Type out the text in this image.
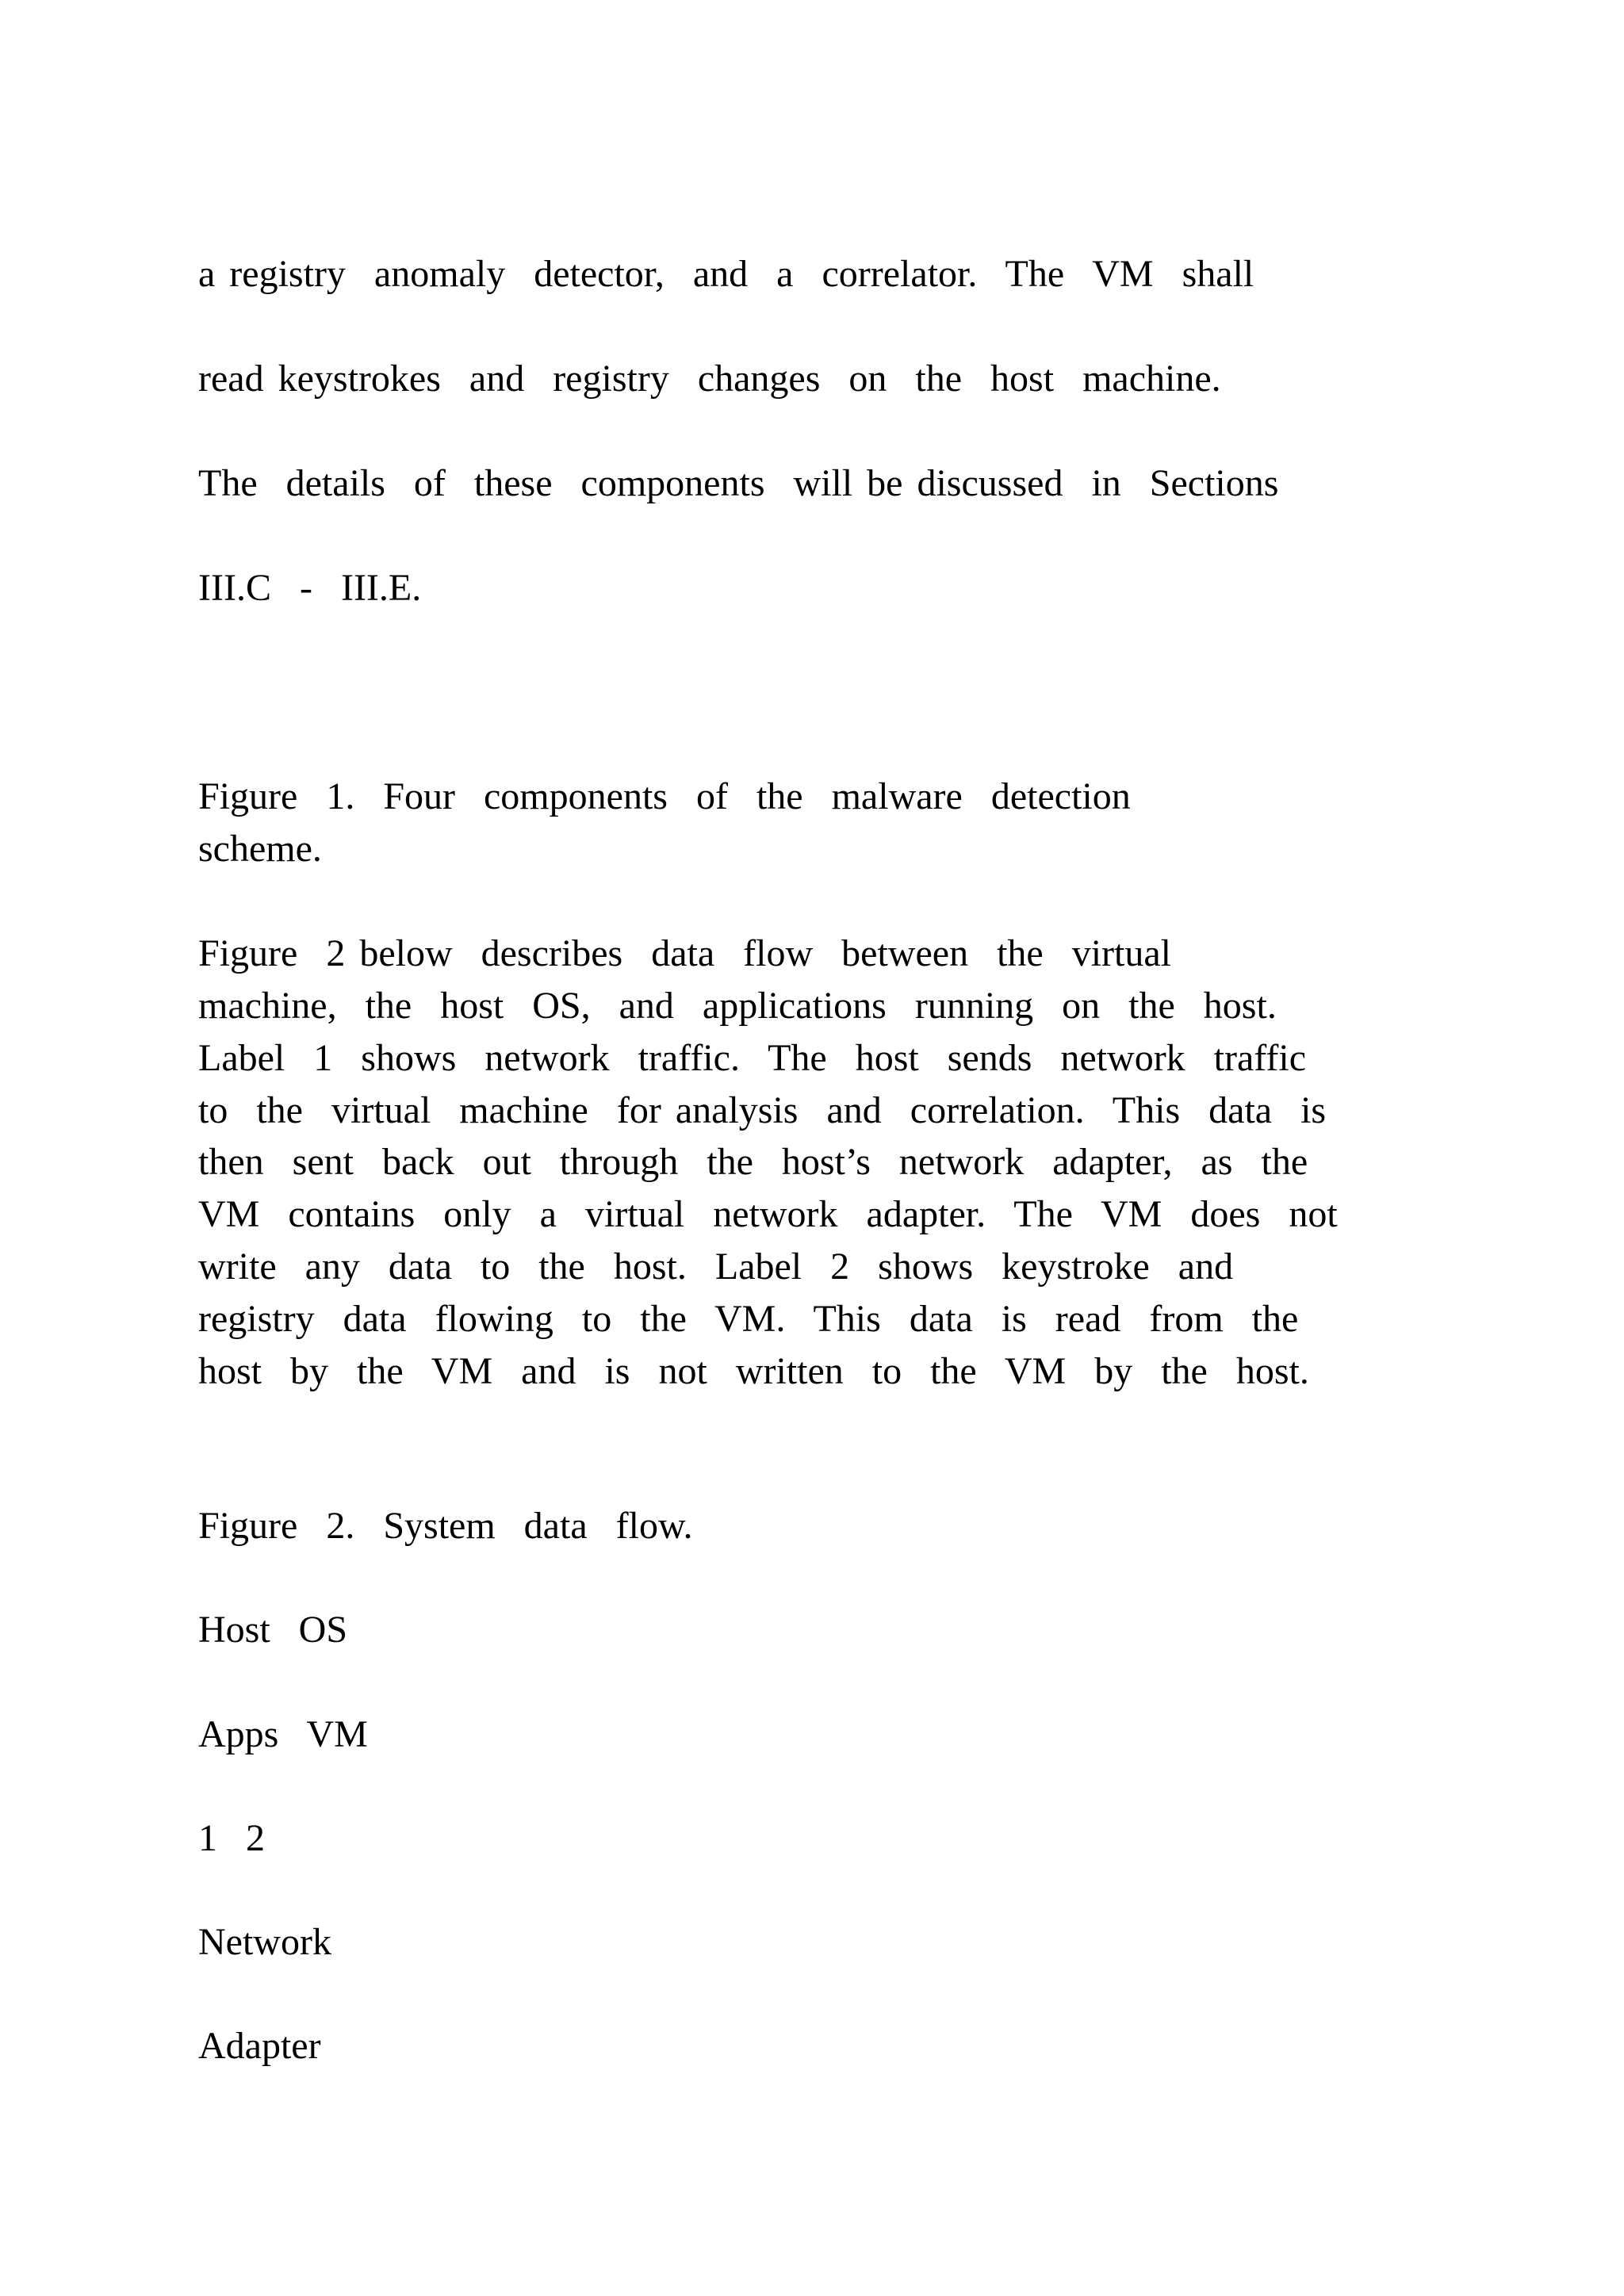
a registry  anomaly  detector,  and  a  correlator.  The  VM  shall

read keystrokes  and  registry  changes  on  the  host  machine.

The  details  of  these  components  will be discussed  in  Sections

III.C  -  III.E.

Figure  1.  Four  components  of  the  malware  detection

scheme.

Figure  2 below  describes  data  flow  between  the  virtual

machine,  the  host  OS,  and  applications  running  on  the  host.

Label  1  shows  network  traffic.  The  host  sends  network  traffic

to  the  virtual  machine  for analysis  and  correlation.  This  data  is

then  sent  back  out  through  the  host’s  network  adapter,  as  the

VM  contains  only  a  virtual  network  adapter.  The  VM  does  not

write  any  data  to  the  host.  Label  2  shows  keystroke  and

registry  data  flowing  to  the  VM.  This  data  is  read  from  the

host  by  the  VM  and  is  not  written  to  the  VM  by  the  host.

Figure  2.  System  data  flow.

Host  OS

Apps  VM

1  2

Network

Adapter
